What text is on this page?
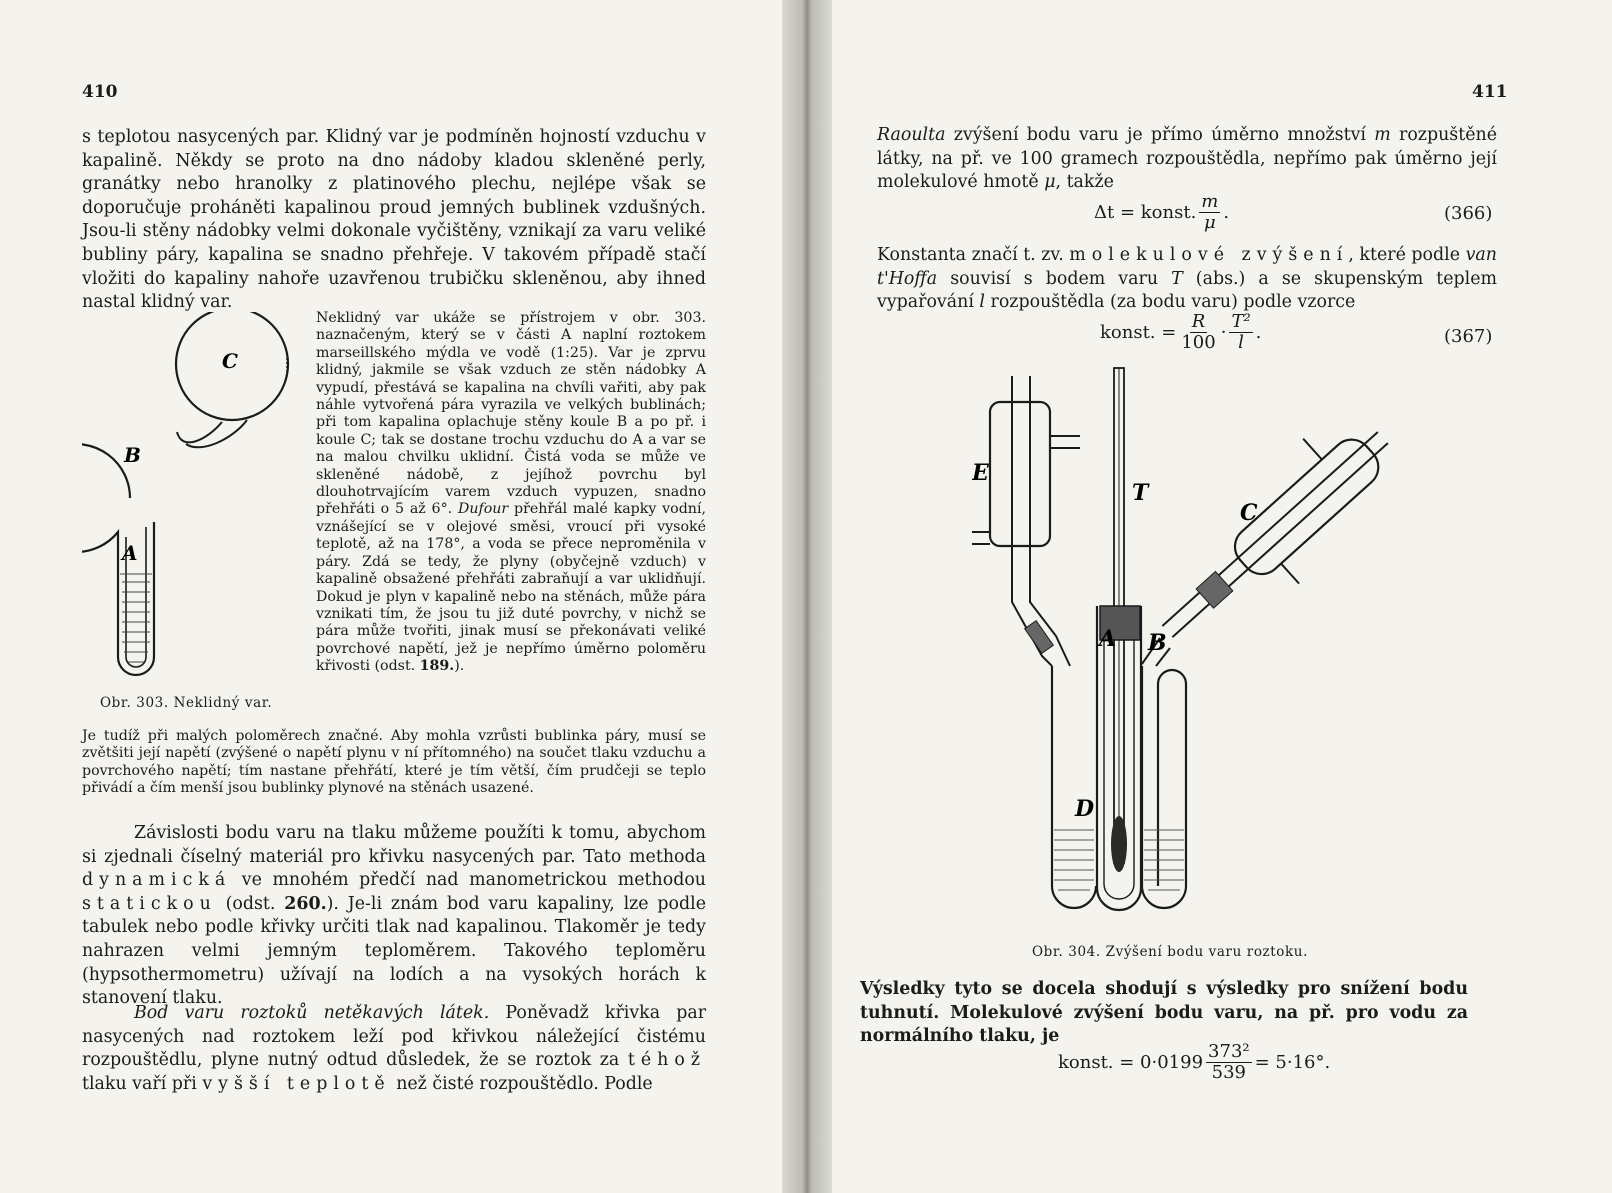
410

s teplotou nasycených par. Klidný var je podmíněn hojností vzduchu v kapalině. Někdy se proto na dno nádoby kladou skleněné perly, granátky nebo hranolky z platinového plechu, nejlépe však se doporučuje proháněti kapalinou proud jemných bublinek vzdušných. Jsou-li stěny nádobky velmi dokonale vyčištěny, vznikají za varu veliké bubliny páry, kapalina se snadno přehřeje. V takovém případě stačí vložiti do kapaliny nahoře uzavřenou trubičku skleněnou, aby ihned nastal klidný var.

C
B
A
Obr. 303. Neklidný var.

Neklidný var ukáže se přístrojem v obr. 303. naznačeným, který se v části A naplní roztokem marseillského mýdla ve vodě (1:25). Var je zprvu klidný, jakmile se však vzduch ze stěn nádobky A vypudí, přestává se kapalina na chvíli vařiti, aby pak náhle vytvořená pára vyrazila ve velkých bublinách; při tom kapalina oplachuje stěny koule B a po př. i koule C; tak se dostane trochu vzduchu do A a var se na malou chvilku uklidní. Čistá voda se může ve skleněné nádobě, z jejíhož povrchu byl dlouhotrvajícím varem vzduch vypuzen, snadno přehřáti o 5 až 6°. Dufour přehřál malé kapky vodní, vznášející se v olejové směsi, vroucí při vysoké teplotě, až na 178°, a voda se přece neproměnila v páry. Zdá se tedy, že plyny (obyčejně vzduch) v kapalině obsažené přehřáti zabraňují a var uklidňují. Dokud je plyn v kapalině nebo na stěnách, může pára vznikati tím, že jsou tu již duté povrchy, v nichž se pára může tvořiti, jinak musí se překonávati veliké povrchové napětí, jež je nepřímo úměrno poloměru křivosti (odst. 189.).

Je tudíž při malých poloměrech značné. Aby mohla vzrůsti bublinka páry, musí se zvětšiti její napětí (zvýšené o napětí plynu v ní přítomného) na součet tlaku vzduchu a povrchového napětí; tím nastane přehřátí, které je tím větší, čím prudčeji se teplo přivádí a čím menší jsou bublinky plynové na stěnách usazené.

Závislosti bodu varu na tlaku můžeme použíti k tomu, abychom si zjednali číselný materiál pro křivku nasycených par. Tato methoda dynamická ve mnohém předčí nad manometrickou methodou statickou (odst. 260.). Je-li znám bod varu kapaliny, lze podle tabulek nebo podle křivky určiti tlak nad kapalinou. Tlakoměr je tedy nahrazen velmi jemným teploměrem. Takového teploměru (hypsothermometru) užívají na lodích a na vysokých horách k stanovení tlaku.

Bod varu roztoků netěkavých látek. Poněvadž křivka par nasycených nad roztokem leží pod křivkou náležející čistému rozpouštědlu, plyne nutný odtud důsledek, že se roztok za téhož tlaku vaří při vyšší teplotě než čisté rozpouštědlo. Podle

411

Raoulta zvýšení bodu varu je přímo úměrno množství m rozpuštěné látky, na př. ve 100 gramech rozpouštědla, nepřímo pak úměrno její molekulové hmotě μ, takže

Δt = konst. $\frac{m}{\mu}$ .	(366)

Konstanta značí t. zv. molekulové zvýšení, které podle van t'Hoffa souvisí s bodem varu T (abs.) a se skupenským teplem vypařování l rozpouštědla (za bodu varu) podle vzorce

konst. = $\frac{R}{100} \cdot \frac{\text{T²}}{l}$ .	(367)
E
T
C
A B
D
Obr. 304. Zvýšení bodu varu roztoku.

Výsledky tyto se docela shodují s výsledky pro snížení bodu tuhnutí. Molekulové zvýšení bodu varu, na př. pro vodu za normálního tlaku, je

konst. = $0\cdot 0199 \frac{\text{373²}}{539} = 5\cdot 16^\circ$.
